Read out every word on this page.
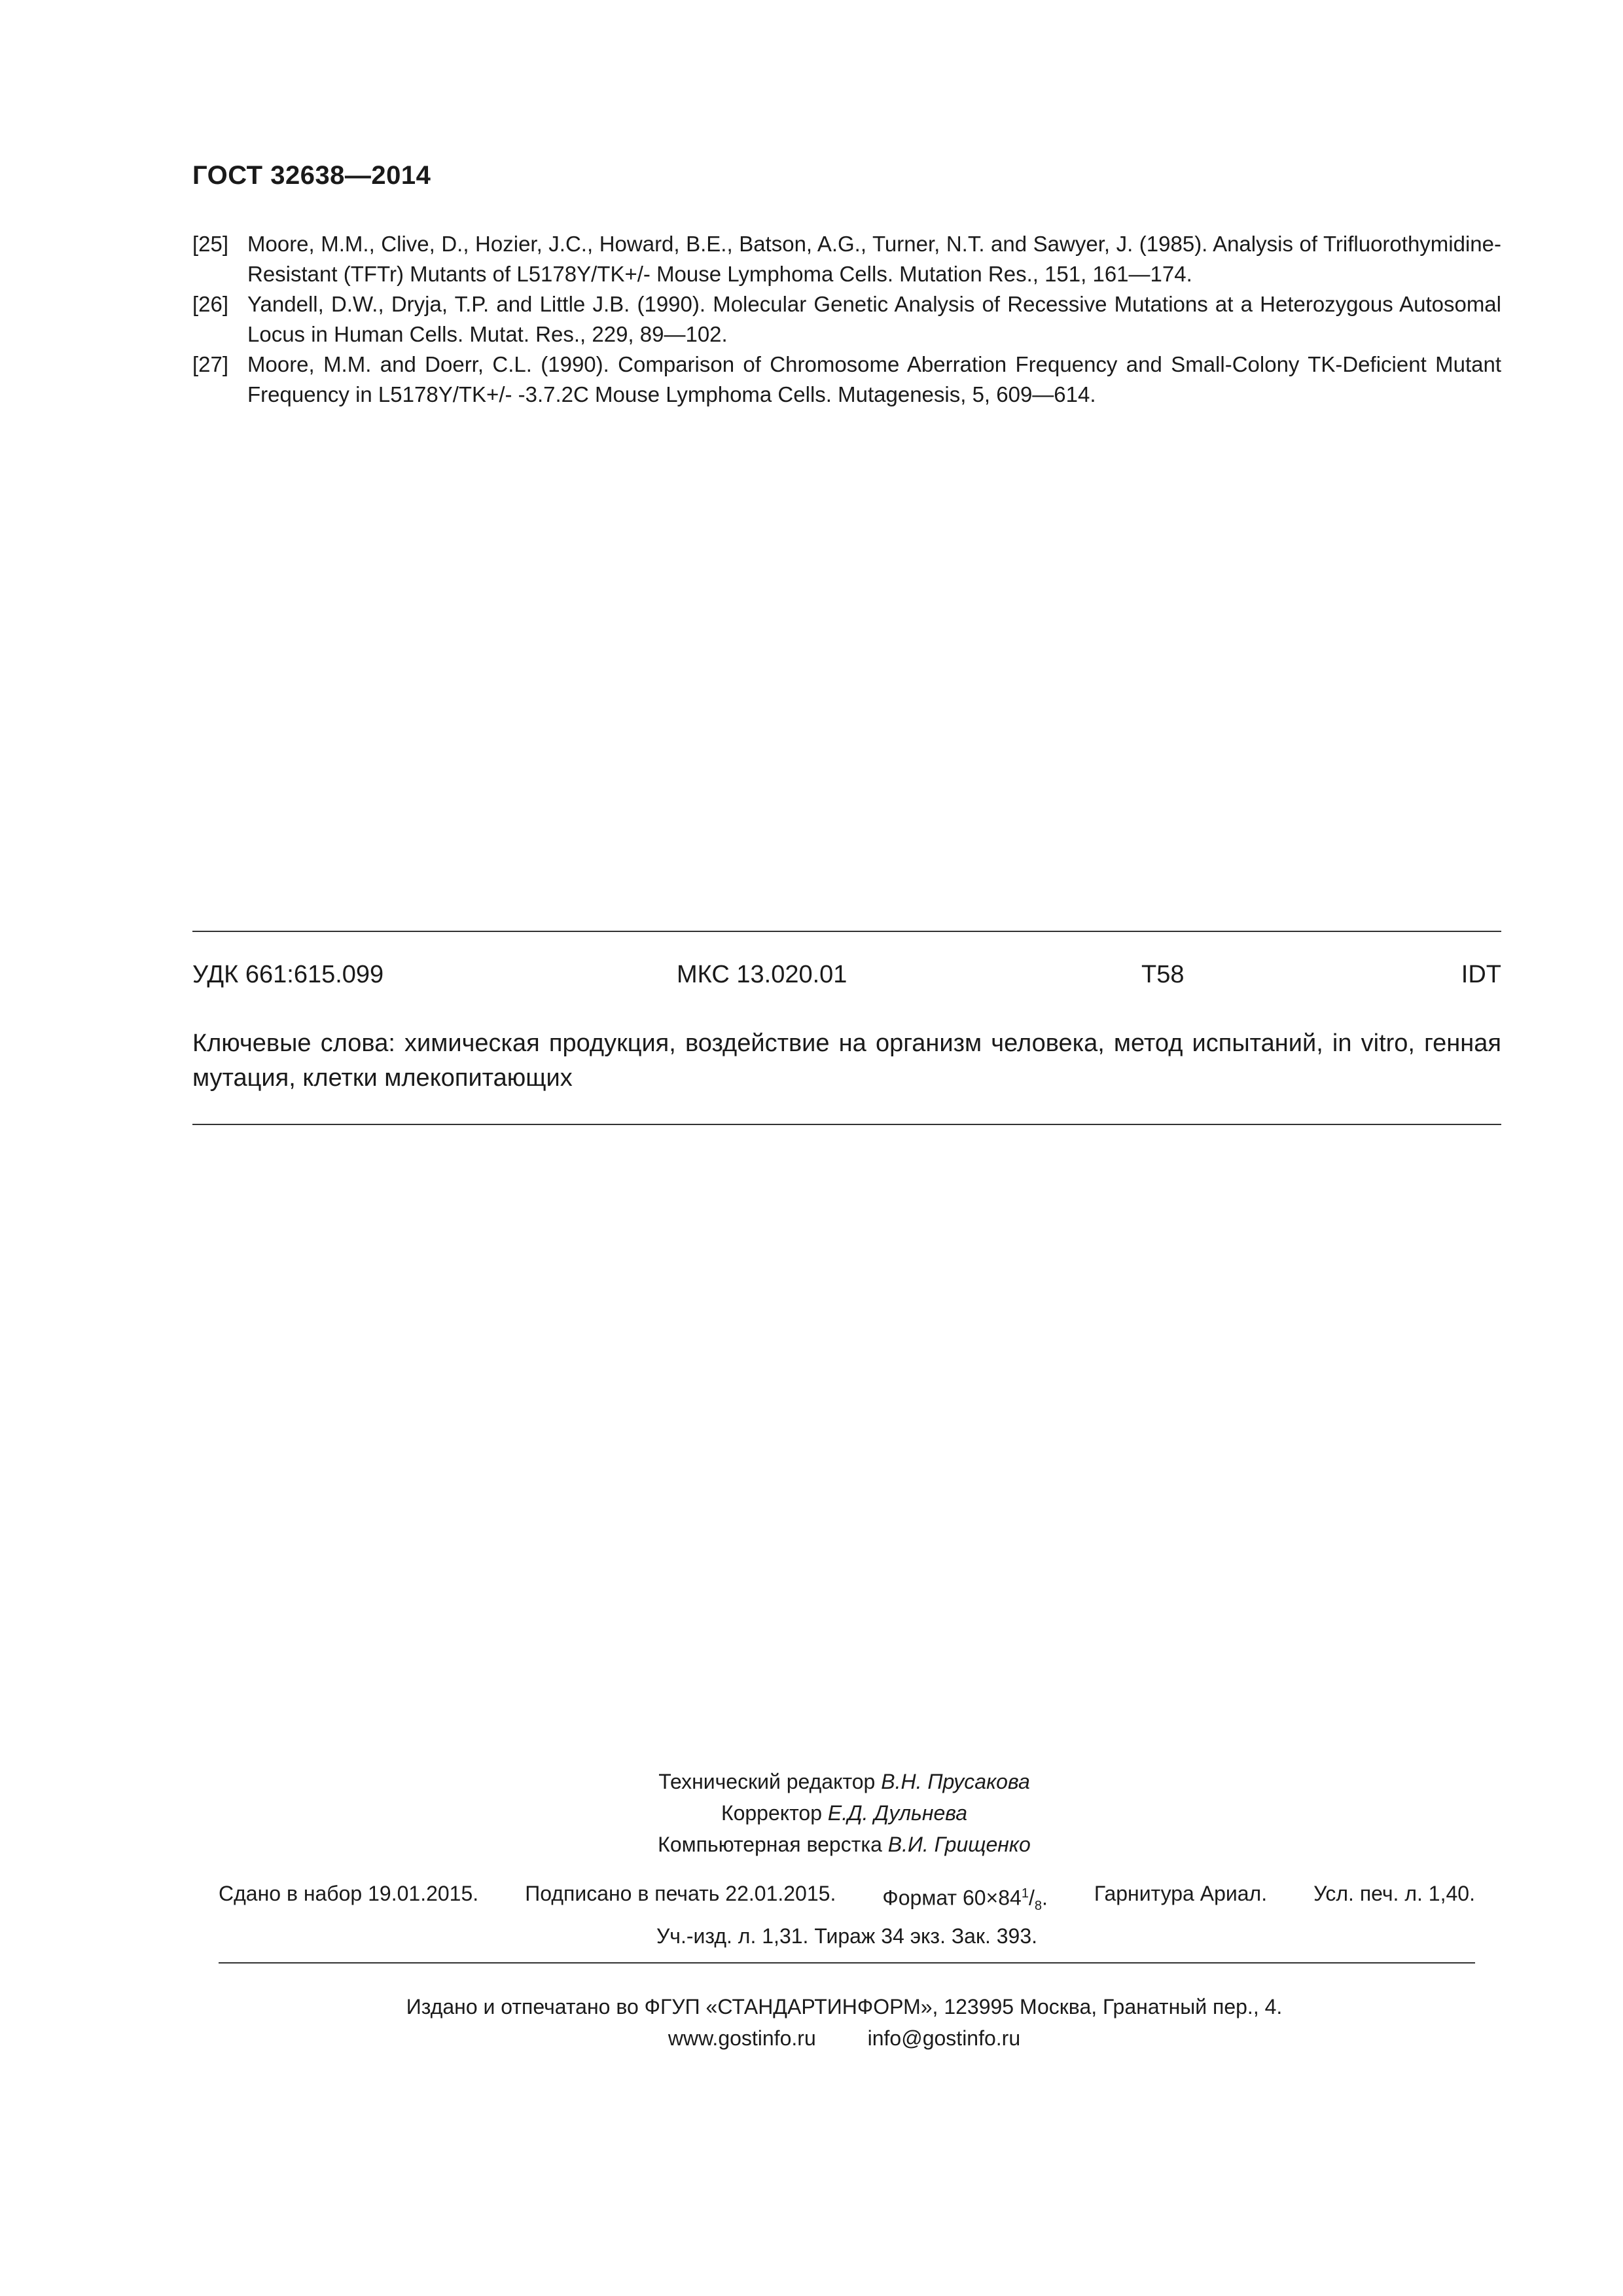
ГОСТ 32638—2014
[25] Moore, M.M., Clive, D., Hozier, J.C., Howard, B.E., Batson, A.G., Turner, N.T. and Sawyer, J. (1985). Analysis of Trifluorothymidine-Resistant (TFTr) Mutants of L5178Y/TK+/- Mouse Lymphoma Cells. Mutation Res., 151, 161—174.
[26] Yandell, D.W., Dryja, T.P. and Little J.B. (1990). Molecular Genetic Analysis of Recessive Mutations at a Heterozygous Autosomal Locus in Human Cells. Mutat. Res., 229, 89—102.
[27] Moore, M.M. and Doerr, C.L. (1990). Comparison of Chromosome Aberration Frequency and Small-Colony TK-Deficient Mutant Frequency in L5178Y/TK+/- -3.7.2C Mouse Lymphoma Cells. Mutagenesis, 5, 609—614.
УДК 661:615.099	МКС 13.020.01	Т58	IDT
Ключевые слова: химическая продукция, воздействие на организм человека, метод испытаний, in vitro, генная мутация, клетки млекопитающих
Технический редактор В.Н. Прусакова
Корректор Е.Д. Дульнева
Компьютерная верстка В.И. Грищенко
Сдано в набор 19.01.2015. Подписано в печать 22.01.2015. Формат $60\times 84^1/_8$. Гарнитура Ариал. Усл. печ. л. 1,40.
Уч.-изд. л. 1,31. Тираж 34 экз. Зак. 393.
Издано и отпечатано во ФГУП «СТАНДАРТИНФОРМ», 123995 Москва, Гранатный пер., 4.
www.gostinfo.ru info@gostinfo.ru
